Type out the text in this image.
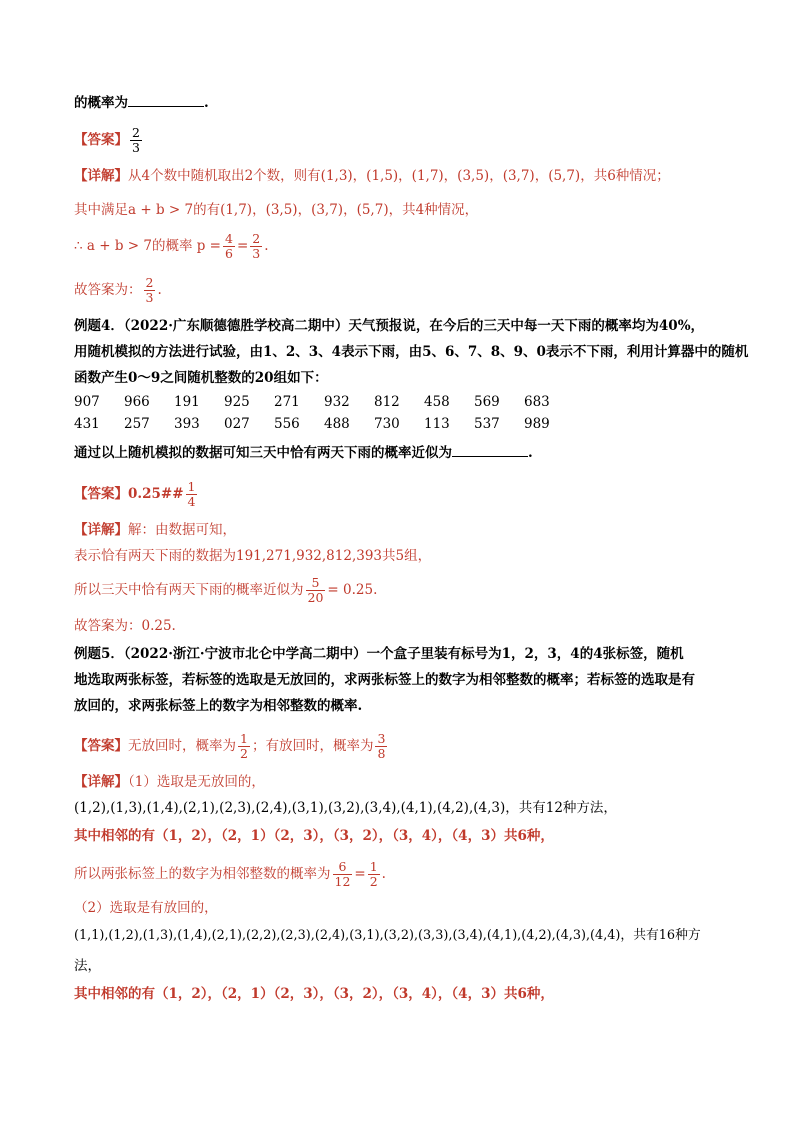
的概率为	.
【答案】 $\frac{2}{3}$
【详解】从4个数中随机取出2个数，则有(1,3)，(1,5)，(1,7)，(3,5)，(3,7)，(5,7)，共6种情况；
其中满足a + b > 7的有(1,7)，(3,5)，(3,7)，(5,7)，共4种情况，
∴ a + b > 7的概率 $p = \frac{4}{6} = \frac{2}{3}$ .
故答案为： $\frac{2}{3}$ .
例题4．（2022·广东顺德德胜学校高二期中）天气预报说，在今后的三天中每一天下雨的概率均为40%，
用随机模拟的方法进行试验，由1、2、3、4表示下雨，由5、6、7、8、9、0表示不下雨，利用计算器中的随机
函数产生0～9之间随机整数的20组如下：
907 966 191 925 271 932 812 458 569 683
431 257 393 027 556 488 730 113 537 989
通过以上随机模拟的数据可知三天中恰有两天下雨的概率近似为	.
【答案】0.25## $\frac{1}{4}$
【详解】解：由数据可知，
表示恰有两天下雨的数据为191,271,932,812,393共5组，
所以三天中恰有两天下雨的概率近似为 $\frac{5}{20} = 0.25$.
故答案为：0.25.
例题5．（2022·浙江·宁波市北仑中学高二期中）一个盒子里装有标号为1，2，3，4的4张标签，随机
地选取两张标签，若标签的选取是无放回的，求两张标签上的数字为相邻整数的概率；若标签的选取是有
放回的，求两张标签上的数字为相邻整数的概率.
【答案】无放回时，概率为 $\frac{1}{2}$ ；有放回时，概率为 $\frac{3}{8}$
【详解】（1）选取是无放回的，
(1,2),(1,3),(1,4),(2,1),(2,3),(2,4),(3,1),(3,2),(3,4),(4,1),(4,2),(4,3)，共有12种方法，
其中相邻的有（1，2），（2，1）（2，3），（3，2），（3，4），（4，3）共6种，
所以两张标签上的数字为相邻整数的概率为 $\frac{6}{12} = \frac{1}{2}$ .
（2）选取是有放回的，
(1,1),(1,2),(1,3),(1,4),(2,1),(2,2),(2,3),(2,4),(3,1),(3,2),(3,3),(3,4),(4,1),(4,2),(4,3),(4,4)，共有16种方
法，
其中相邻的有（1，2），（2，1）（2，3），（3，2），（3，4），（4，3）共6种，
